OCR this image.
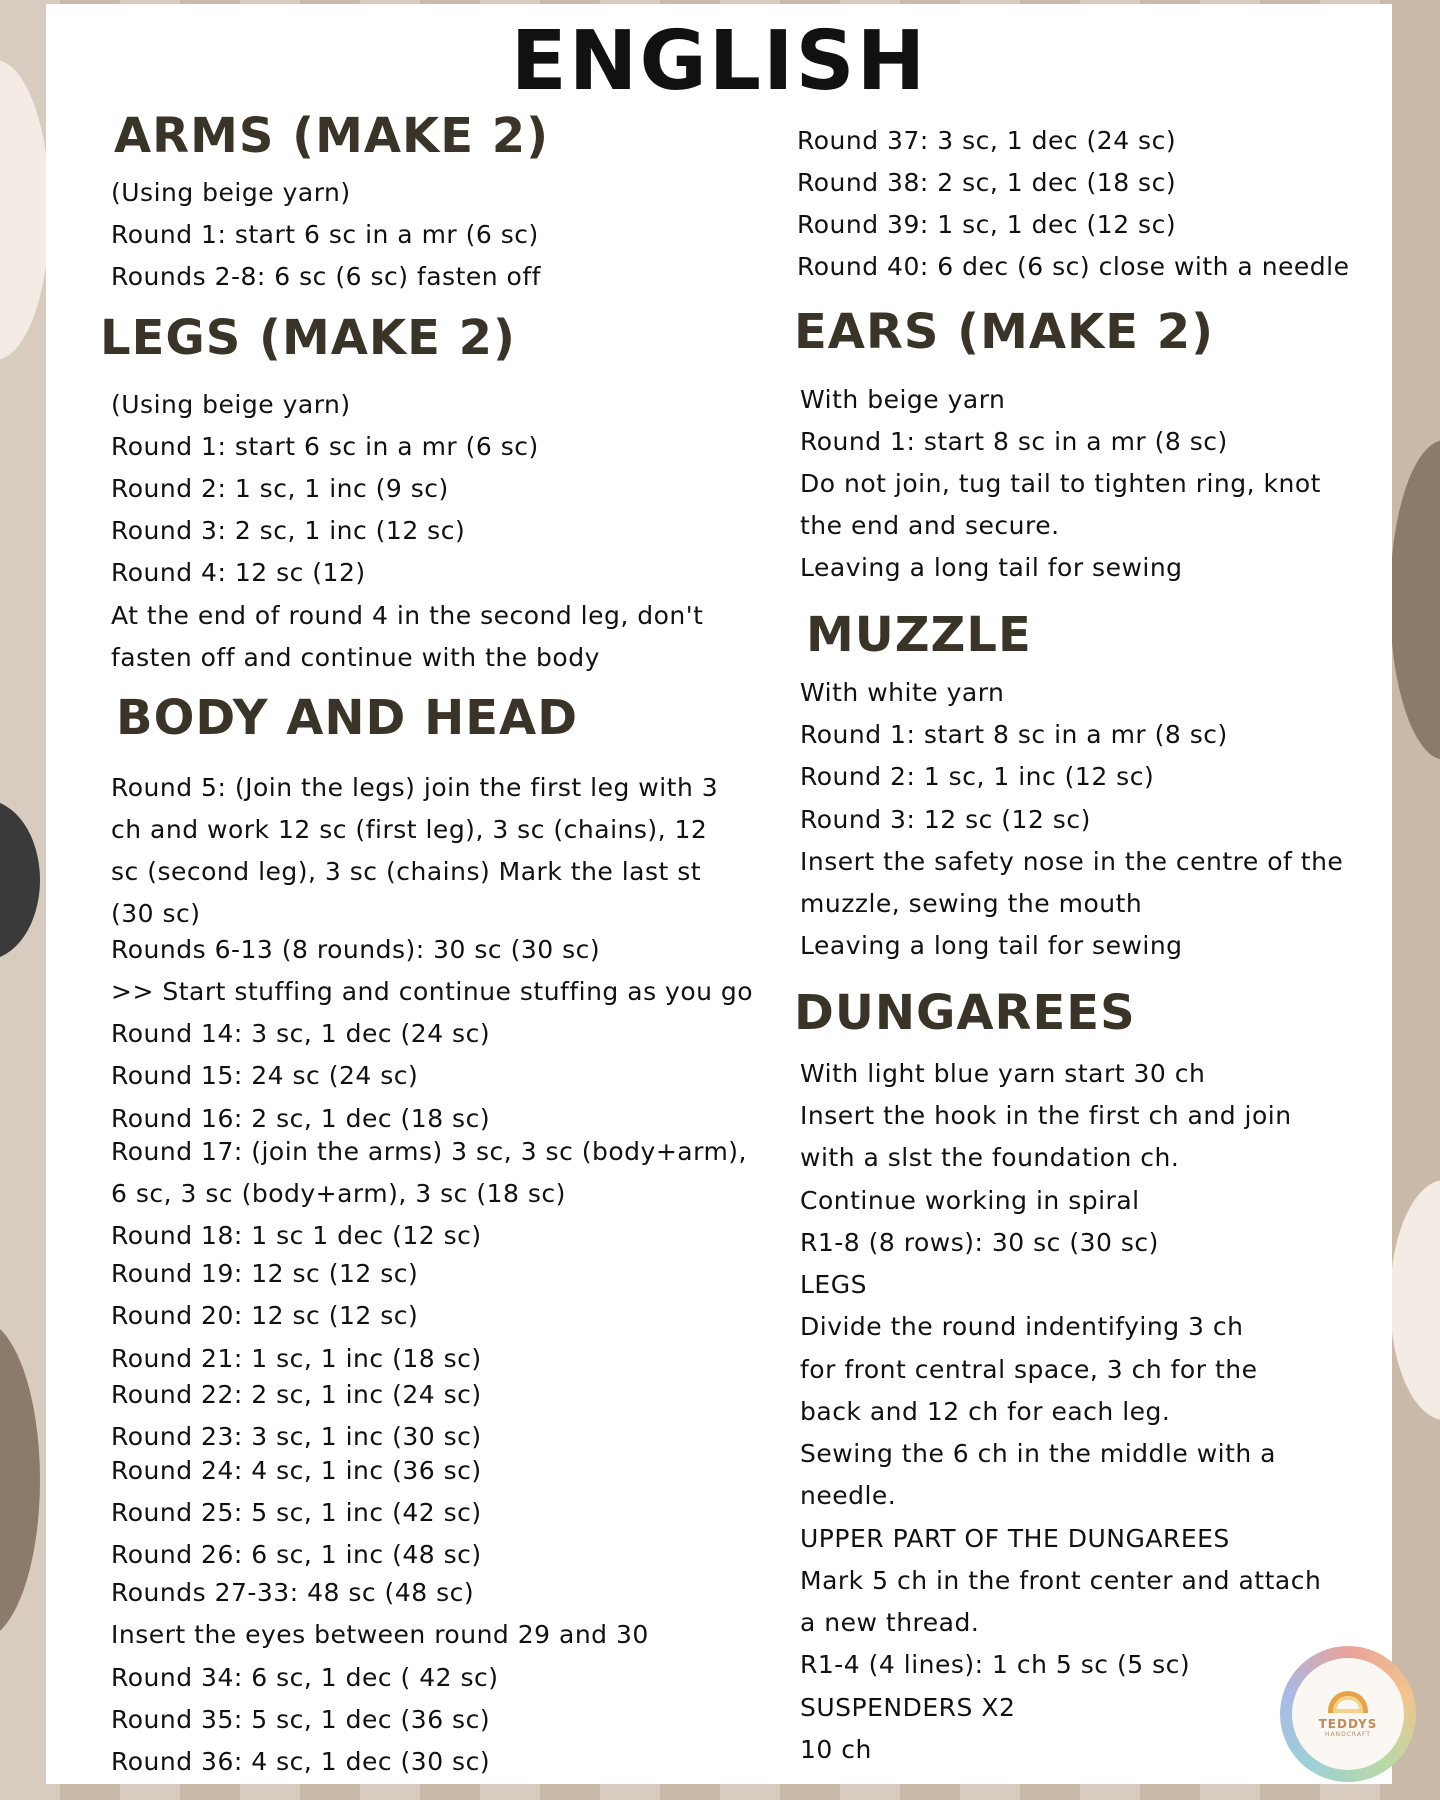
ENGLISH
ARMS (MAKE 2)
(Using beige yarn)
Round 1: start 6 sc in a mr (6 sc)
Rounds 2-8: 6 sc (6 sc) fasten off
LEGS (MAKE 2)
(Using beige yarn)
Round 1: start 6 sc in a mr (6 sc)
Round 2: 1 sc, 1 inc (9 sc)
Round 3: 2 sc, 1 inc (12 sc)
Round 4: 12 sc (12)
At the end of round 4 in the second leg, don't
fasten off and continue with the body
BODY AND HEAD
Round 5: (Join the legs) join the first leg with 3
ch and work 12 sc (first leg), 3 sc (chains), 12
sc (second leg), 3 sc (chains) Mark the last st
(30 sc)
Rounds 6-13 (8 rounds): 30 sc (30 sc)
>> Start stuffing and continue stuffing as you go
Round 14: 3 sc, 1 dec (24 sc)
Round 15: 24 sc (24 sc)
Round 16: 2 sc, 1 dec (18 sc)
Round 17: (join the arms) 3 sc, 3 sc (body+arm),
6 sc, 3 sc (body+arm), 3 sc (18 sc)
Round 18: 1 sc 1 dec (12 sc)
Round 19: 12 sc (12 sc)
Round 20: 12 sc (12 sc)
Round 21: 1 sc, 1 inc (18 sc)
Round 22: 2 sc, 1 inc (24 sc)
Round 23: 3 sc, 1 inc (30 sc)
Round 24: 4 sc, 1 inc (36 sc)
Round 25: 5 sc, 1 inc (42 sc)
Round 26: 6 sc, 1 inc (48 sc)
Rounds 27-33: 48 sc (48 sc)
Insert the eyes between round 29 and 30
Round 34: 6 sc, 1 dec ( 42 sc)
Round 35: 5 sc, 1 dec (36 sc)
Round 36: 4 sc, 1 dec (30 sc)
Round 37: 3 sc, 1 dec (24 sc)
Round 38: 2 sc, 1 dec (18 sc)
Round 39: 1 sc, 1 dec (12 sc)
Round 40: 6 dec (6 sc) close with a needle
EARS (MAKE 2)
With beige yarn
Round 1: start 8 sc in a mr (8 sc)
Do not join, tug tail to tighten ring, knot
the end and secure.
Leaving a long tail for sewing
MUZZLE
With white yarn
Round 1: start 8 sc in a mr (8 sc)
Round 2: 1 sc, 1 inc (12 sc)
Round 3: 12 sc (12 sc)
Insert the safety nose in the centre of the
muzzle, sewing the mouth
Leaving a long tail for sewing
DUNGAREES
With light blue yarn start 30 ch
Insert the hook in the first ch and join
with a slst the foundation ch.
Continue working in spiral
R1-8 (8 rows): 30 sc (30 sc)
LEGS
Divide the round indentifying 3 ch
for front central space, 3 ch for the
back and 12 ch for each leg.
Sewing the 6 ch in the middle with a
needle.
UPPER PART OF THE DUNGAREES
Mark 5 ch in the front center and attach
a new thread.
R1-4 (4 lines): 1 ch 5 sc (5 sc)
SUSPENDERS X2
10 ch
TEDDYS
HANDCRAFT
